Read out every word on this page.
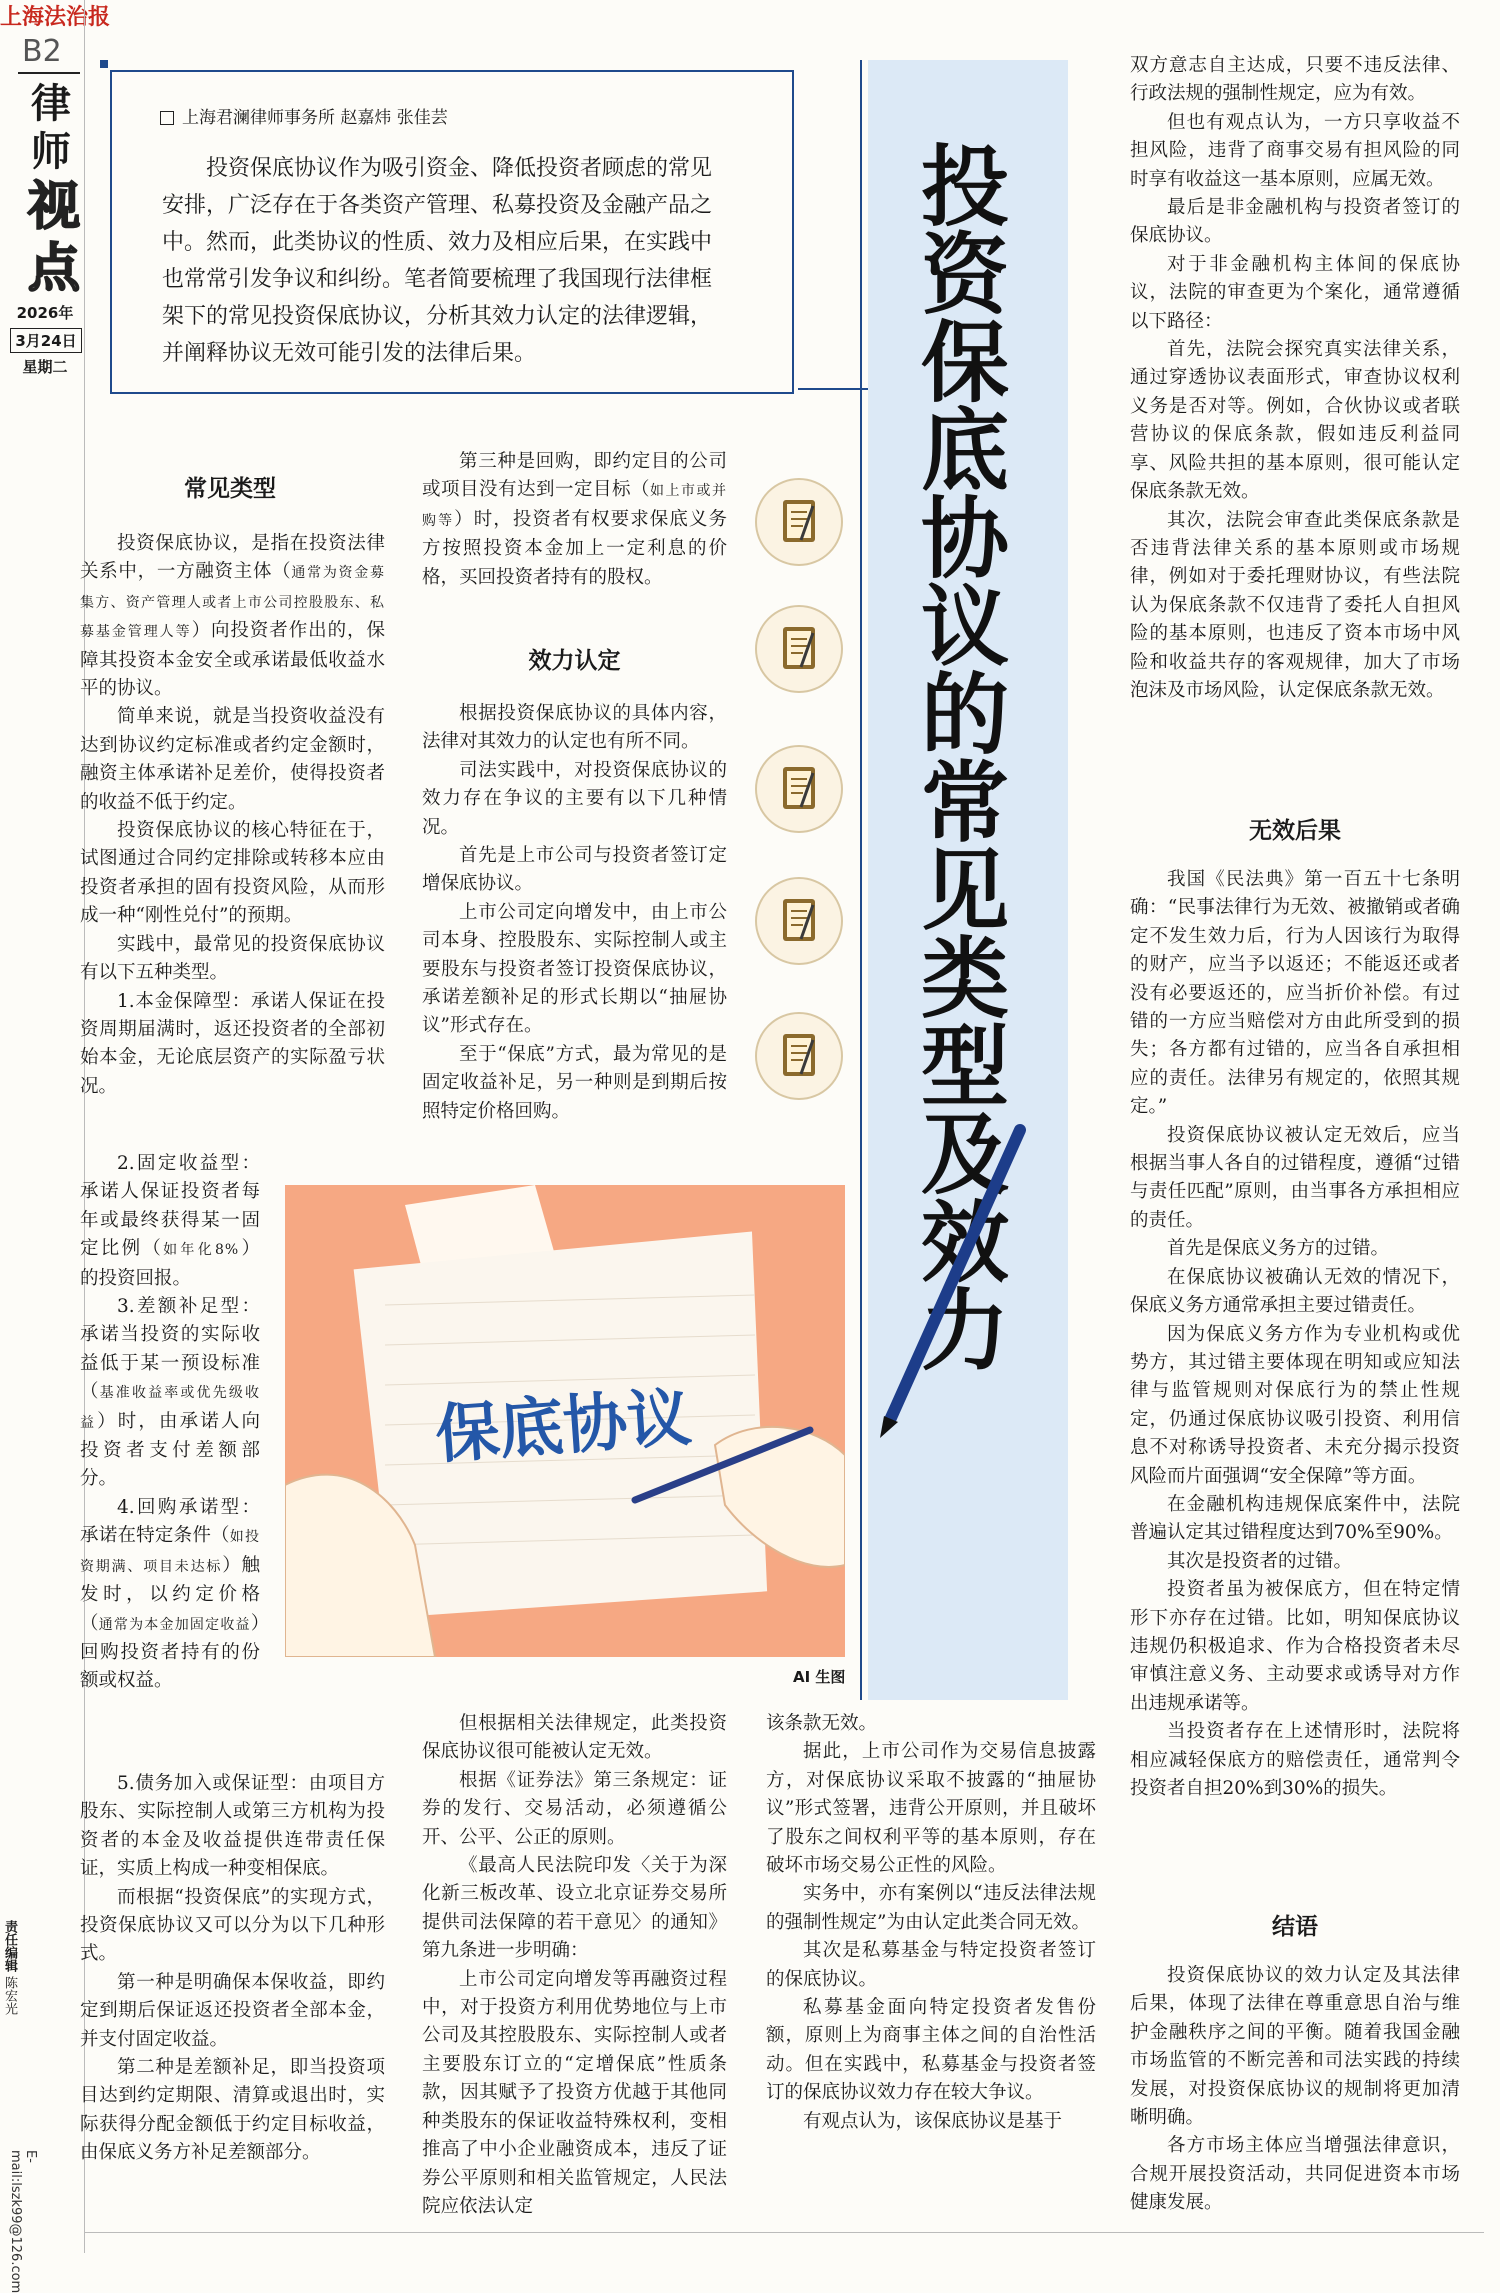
上海法治报
B2
律
师
视
点
2026年
3月24日
星期二
责任编辑 陈宏光
E-mail:lszk99@126.com
上海君澜律师事务所 赵嘉炜 张佳芸
投资保底协议作为吸引资金、降低投资者顾虑的常见安排，广泛存在于各类资产管理、私募投资及金融产品之中。然而，此类协议的性质、效力及相应后果，在实践中也常常引发争议和纠纷。笔者简要梳理了我国现行法律框架下的常见投资保底协议，分析其效力认定的法律逻辑，并阐释协议无效可能引发的法律后果。	投资保底协议的常见类型及效力
常见类型

投资保底协议，是指在投资法律关系中，一方融资主体（通常为资金募集方、资产管理人或者上市公司控股股东、私募基金管理人等）向投资者作出的，保障其投资本金安全或承诺最低收益水平的协议。

简单来说，就是当投资收益没有达到协议约定标准或者约定金额时，融资主体承诺补足差价，使得投资者的收益不低于约定。

投资保底协议的核心特征在于，试图通过合同约定排除或转移本应由投资者承担的固有投资风险，从而形成一种“刚性兑付”的预期。

实践中，最常见的投资保底协议有以下五种类型。

1.本金保障型：承诺人保证在投资周期届满时，返还投资者的全部初始本金，无论底层资产的实际盈亏状况。

2.固定收益型：承诺人保证投资者每年或最终获得某一固定比例（如年化8%）的投资回报。

3.差额补足型：承诺当投资的实际收益低于某一预设标准（基准收益率或优先级收益）时，由承诺人向投资者支付差额部分。

4.回购承诺型：承诺在特定条件（如投资期满、项目未达标）触发时，以约定价格（通常为本金加固定收益）回购投资者持有的份额或权益。

5.债务加入或保证型：由项目方股东、实际控制人或第三方机构为投资者的本金及收益提供连带责任保证，实质上构成一种变相保底。

而根据“投资保底”的实现方式，投资保底协议又可以分为以下几种形式。

第一种是明确保本保收益，即约定到期后保证返还投资者全部本金，并支付固定收益。

第二种是差额补足，即当投资项目达到约定期限、清算或退出时，实际获得分配金额低于约定目标收益，由保底义务方补足差额部分。

第三种是回购，即约定目的公司或项目没有达到一定目标（如上市或并购等）时，投资者有权要求保底义务方按照投资本金加上一定利息的价格，买回投资者持有的股权。

效力认定

根据投资保底协议的具体内容，法律对其效力的认定也有所不同。

司法实践中，对投资保底协议的效力存在争议的主要有以下几种情况。

首先是上市公司与投资者签订定增保底协议。

上市公司定向增发中，由上市公司本身、控股股东、实际控制人或主要股东与投资者签订投资保底协议，承诺差额补足的形式长期以“抽屉协议”形式存在。

至于“保底”方式，最为常见的是固定收益补足，另一种则是到期后按照特定价格回购。

保底协议
AI 生图

但根据相关法律规定，此类投资保底协议很可能被认定无效。

根据《证券法》第三条规定：证券的发行、交易活动，必须遵循公开、公平、公正的原则。

《最高人民法院印发〈关于为深化新三板改革、设立北京证券交易所提供司法保障的若干意见〉的通知》第九条进一步明确：

上市公司定向增发等再融资过程中，对于投资方利用优势地位与上市公司及其控股股东、实际控制人或者主要股东订立的“定增保底”性质条款，因其赋予了投资方优越于其他同种类股东的保证收益特殊权利，变相推高了中小企业融资成本，违反了证券公平原则和相关监管规定，人民法院应依法认定

该条款无效。

据此，上市公司作为交易信息披露方，对保底协议采取不披露的“抽屉协议”形式签署，违背公开原则，并且破坏了股东之间权利平等的基本原则，存在破坏市场交易公正性的风险。

实务中，亦有案例以“违反法律法规的强制性规定”为由认定此类合同无效。

其次是私募基金与特定投资者签订的保底协议。

私募基金面向特定投资者发售份额，原则上为商事主体之间的自治性活动。但在实践中，私募基金与投资者签订的保底协议效力存在较大争议。

有观点认为，该保底协议是基于

双方意志自主达成，只要不违反法律、行政法规的强制性规定，应为有效。

但也有观点认为，一方只享收益不担风险，违背了商事交易有担风险的同时享有收益这一基本原则，应属无效。

最后是非金融机构与投资者签订的保底协议。

对于非金融机构主体间的保底协议，法院的审查更为个案化，通常遵循以下路径：

首先，法院会探究真实法律关系，通过穿透协议表面形式，审查协议权利义务是否对等。例如，合伙协议或者联营协议的保底条款，假如违反利益同享、风险共担的基本原则，很可能认定保底条款无效。

其次，法院会审查此类保底条款是否违背法律关系的基本原则或市场规律，例如对于委托理财协议，有些法院认为保底条款不仅违背了委托人自担风险的基本原则，也违反了资本市场中风险和收益共存的客观规律，加大了市场泡沫及市场风险，认定保底条款无效。

无效后果

我国《民法典》第一百五十七条明确：“民事法律行为无效、被撤销或者确定不发生效力后，行为人因该行为取得的财产，应当予以返还；不能返还或者没有必要返还的，应当折价补偿。有过错的一方应当赔偿对方由此所受到的损失；各方都有过错的，应当各自承担相应的责任。法律另有规定的，依照其规定。”

投资保底协议被认定无效后，应当根据当事人各自的过错程度，遵循“过错与责任匹配”原则，由当事各方承担相应的责任。

首先是保底义务方的过错。

在保底协议被确认无效的情况下，保底义务方通常承担主要过错责任。

因为保底义务方作为专业机构或优势方，其过错主要体现在明知或应知法律与监管规则对保底行为的禁止性规定，仍通过保底协议吸引投资、利用信息不对称诱导投资者、未充分揭示投资风险而片面强调“安全保障”等方面。

在金融机构违规保底案件中，法院普遍认定其过错程度达到70%至90%。

其次是投资者的过错。

投资者虽为被保底方，但在特定情形下亦存在过错。比如，明知保底协议违规仍积极追求、作为合格投资者未尽审慎注意义务、主动要求或诱导对方作出违规承诺等。

当投资者存在上述情形时，法院将相应减轻保底方的赔偿责任，通常判令投资者自担20%到30%的损失。

结语

投资保底协议的效力认定及其法律后果，体现了法律在尊重意思自治与维护金融秩序之间的平衡。随着我国金融市场监管的不断完善和司法实践的持续发展，对投资保底协议的规制将更加清晰明确。

各方市场主体应当增强法律意识，合规开展投资活动，共同促进资本市场健康发展。
